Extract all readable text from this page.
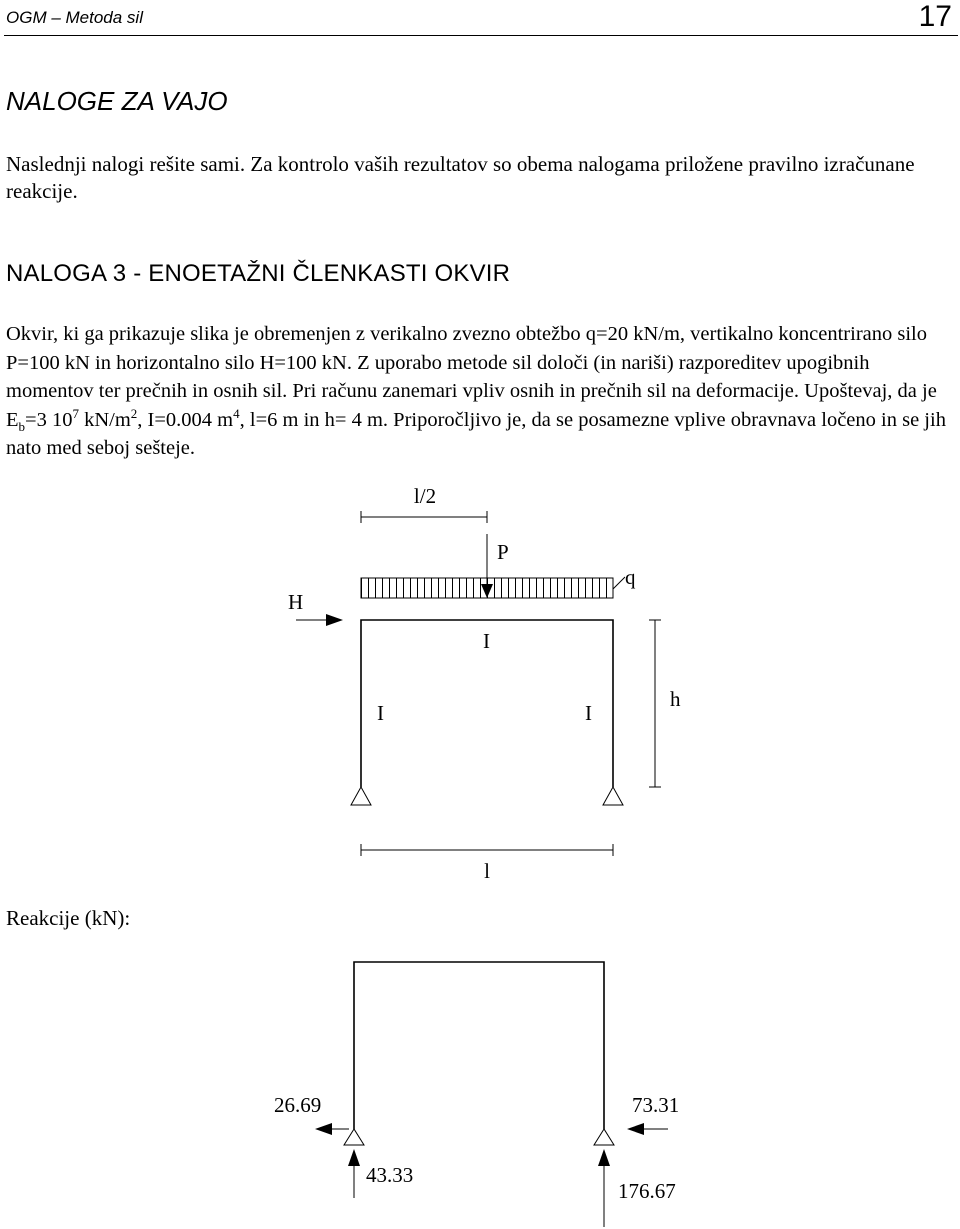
OGM – Metoda sil	17
NALOGE ZA VAJO

Naslednji nalogi rešite sami. Za kontrolo vaših rezultatov so obema nalogama priložene pravilno izračunane reakcije.

NALOGA 3 - ENOETAŽNI ČLENKASTI OKVIR

Okvir, ki ga prikazuje slika je obremenjen z verikalno zvezno obtežbo q=20 kN/m, vertikalno koncentrirano silo P=100 kN in horizontalno silo H=100 kN. Z uporabo metode sil določi (in nariši) razporeditev upogibnih momentov ter prečnih in osnih sil. Pri računu zanemari vpliv osnih in prečnih sil na deformacije. Upoštevaj, da je $E_b=3$ $10^7$ $kN/m^2$, I=0.004 $m^4$, l=6 m in h= 4 m. Priporočljivo je, da se posamezne vplive obravnava ločeno in se jih nato med seboj sešteje.

l/2
q
P
H
I
I	I
h
l
26.69	73.31
43.33
176.67
Reakcije (kN):
